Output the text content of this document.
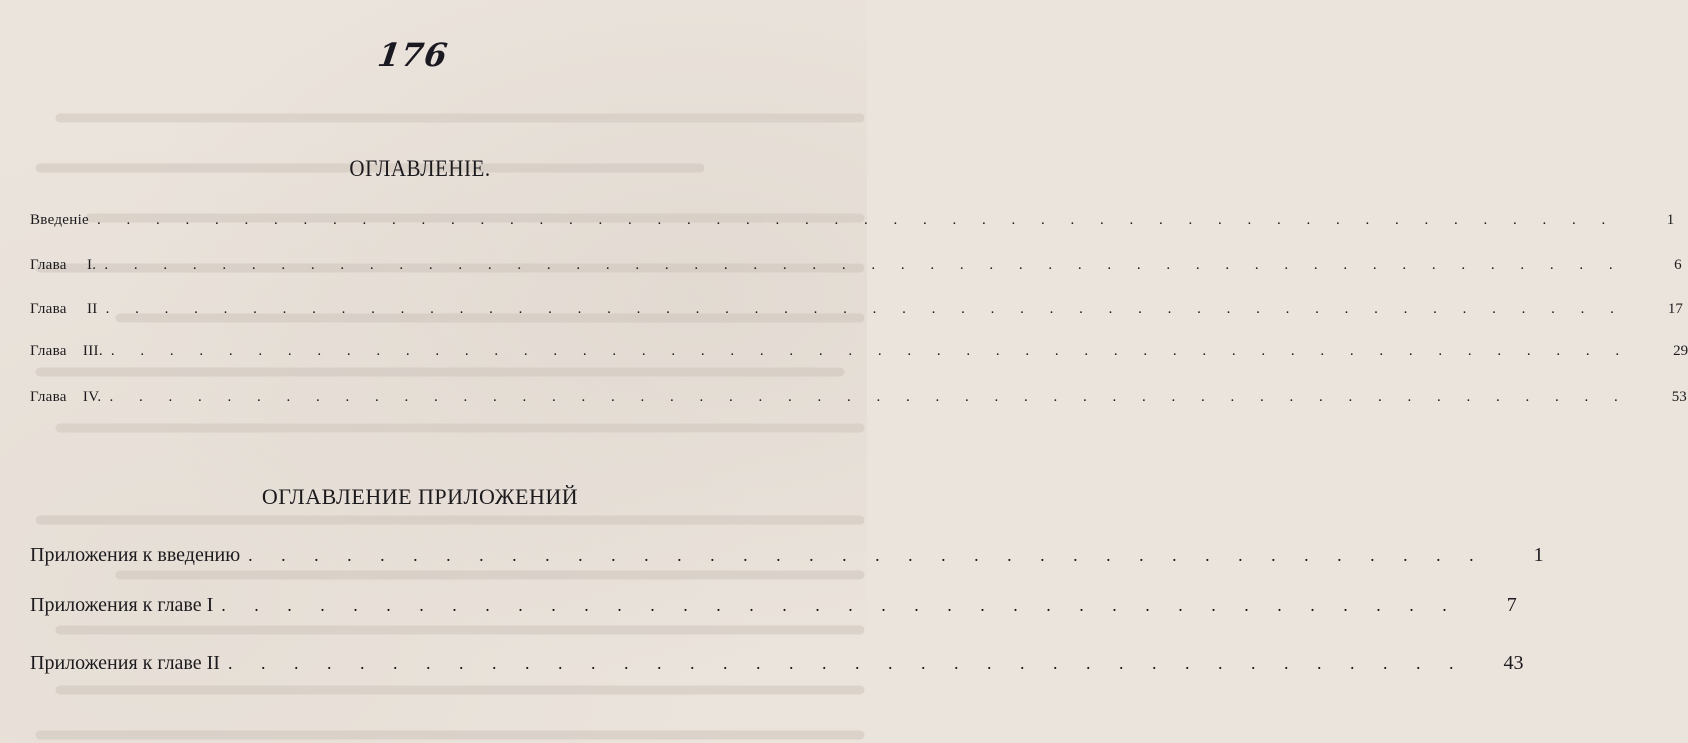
176
ОГЛАВЛЕНІЕ.
Введеніе . . . . . . . . . . . . . . . . . . . . . . . . . . . . . . . . . . . . . . . . . . . . . . . . . . . .	1
Глава     I. . . . . . . . . . . . . . . . . . . . . . . . . . . . . . . . . . . . . . . . . . . . . . . . . . . . .	6
Глава     II . . . . . . . . . . . . . . . . . . . . . . . . . . . . . . . . . . . . . . . . . . . . . . . . . . . .	17
Глава    III. . . . . . . . . . . . . . . . . . . . . . . . . . . . . . . . . . . . . . . . . . . . . . . . . . . . .	29
Глава    IV. . . . . . . . . . . . . . . . . . . . . . . . . . . . . . . . . . . . . . . . . . . . . . . . . . . . .	53
ОГЛАВЛЕНИЕ ПРИЛОЖЕНИЙ
Приложения к введению . . . . . . . . . . . . . . . . . . . . . . . . . . . . . . . . . . . . . .	1
Приложения к главе I . . . . . . . . . . . . . . . . . . . . . . . . . . . . . . . . . . . . . .	7
Приложения к главе II . . . . . . . . . . . . . . . . . . . . . . . . . . . . . . . . . . . . . .	43
